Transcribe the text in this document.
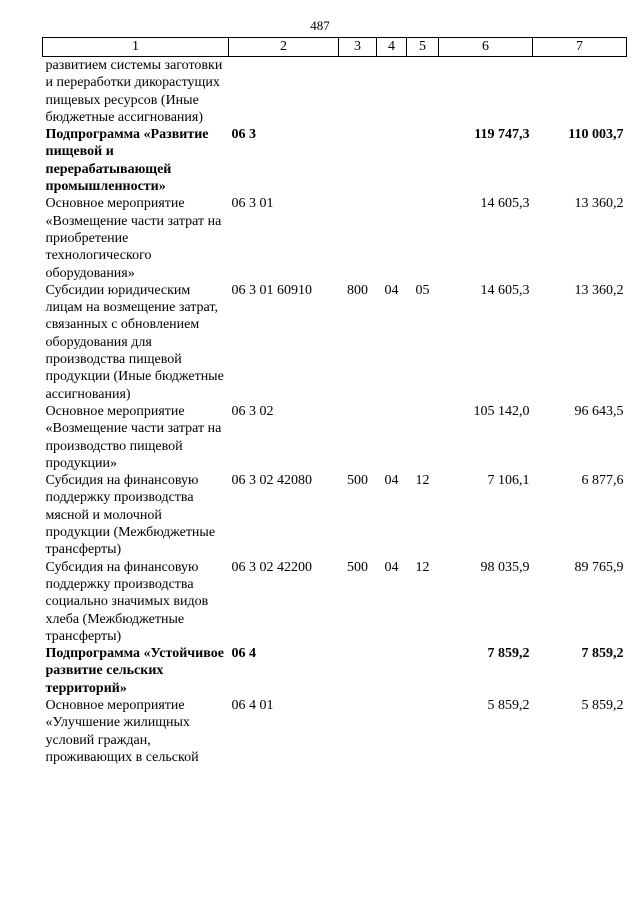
487
1	2	3	4	5	6	7
развитием системы заготовки и переработки дикорастущих пищевых ресурсов (Иные бюджетные ассигнования)						
Подпрограмма «Развитие пищевой и перерабатывающей промышленности»	06 3				119 747,3	110 003,7
Основное мероприятие «Возмещение части затрат на приобретение технологического оборудования»	06 3 01				14 605,3	13 360,2
Субсидии юридическим лицам на возмещение затрат, связанных с обновлением оборудования для производства пищевой продукции (Иные бюджетные ассигнования)	06 3 01 60910	800	04	05	14 605,3	13 360,2
Основное мероприятие «Возмещение части затрат на производство пищевой продукции»	06 3 02				105 142,0	96 643,5
Субсидия на финансовую поддержку производства мясной и молочной продукции (Межбюджетные трансферты)	06 3 02 42080	500	04	12	7 106,1	6 877,6
Субсидия на финансовую поддержку производства социально значимых видов хлеба (Межбюджетные трансферты)	06 3 02 42200	500	04	12	98 035,9	89 765,9
Подпрограмма «Устойчивое развитие сельских территорий»	06 4				7 859,2	7 859,2
Основное мероприятие «Улучшение жилищных условий граждан, проживающих в сельской	06 4 01				5 859,2	5 859,2
